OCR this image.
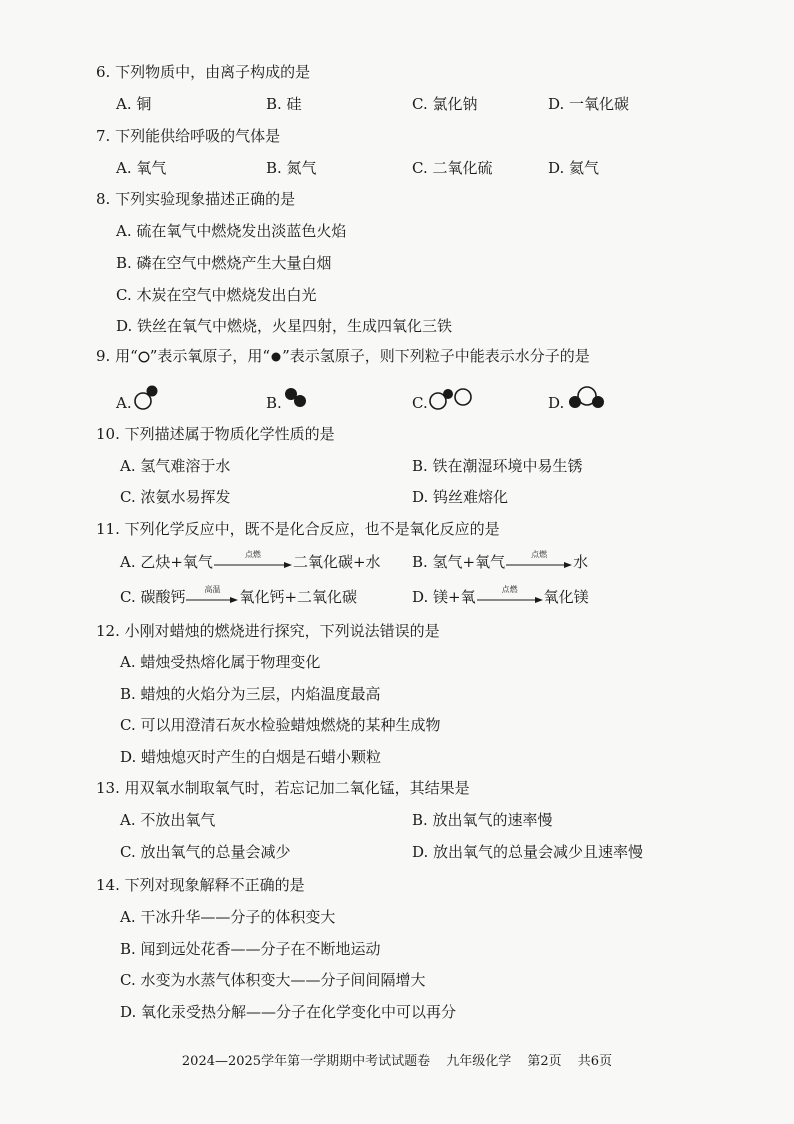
6. 下列物质中，由离子构成的是
A. 铜	B. 硅	C. 氯化钠	D. 一氧化碳
7. 下列能供给呼吸的气体是
A. 氧气	B. 氮气	C. 二氧化硫	D. 氦气
8. 下列实验现象描述正确的是
A. 硫在氧气中燃烧发出淡蓝色火焰
B. 磷在空气中燃烧产生大量白烟
C. 木炭在空气中燃烧发出白光
D. 铁丝在氧气中燃烧，火星四射，生成四氧化三铁
9. 用“ ”表示氧原子，用“ ”表示氢原子，则下列粒子中能表示水分子的是
A.	B.	C.	D.
10. 下列描述属于物质化学性质的是
A. 氢气难溶于水	B. 铁在潮湿环境中易生锈
C. 浓氨水易挥发	D. 钨丝难熔化
11. 下列化学反应中，既不是化合反应，也不是氧化反应的是
A. 乙炔+氧气	点燃	二氧化碳+水 B. 氢气+氧气	点燃	水
C. 碳酸钙	高温	氧化钙+二氧化碳	D. 镁+氧	点燃	氧化镁
12. 小刚对蜡烛的燃烧进行探究，下列说法错误的是
A. 蜡烛受热熔化属于物理变化
B. 蜡烛的火焰分为三层，内焰温度最高
C. 可以用澄清石灰水检验蜡烛燃烧的某种生成物
D. 蜡烛熄灭时产生的白烟是石蜡小颗粒
13. 用双氧水制取氧气时，若忘记加二氧化锰，其结果是
A. 不放出氧气	B. 放出氧气的速率慢
C. 放出氧气的总量会减少	D. 放出氧气的总量会减少且速率慢
14. 下列对现象解释不正确的是
A. 干冰升华——分子的体积变大
B. 闻到远处花香——分子在不断地运动
C. 水变为水蒸气体积变大——分子间间隔增大
D. 氧化汞受热分解——分子在化学变化中可以再分
2024—2025学年第一学期期中考试试题卷 九年级化学 第2页 共6页
